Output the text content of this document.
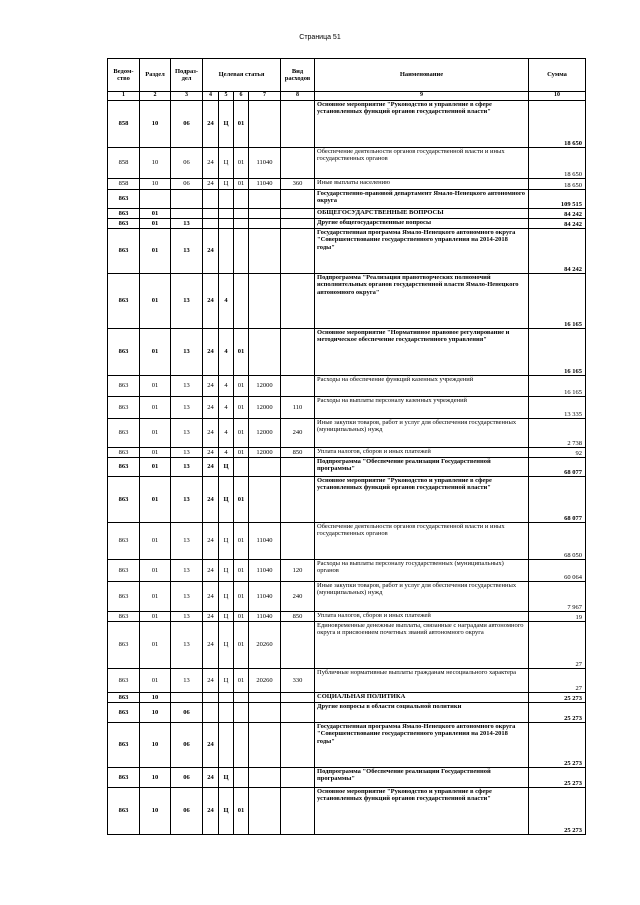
Страница 51
Ведом-
ство	Раздел	Подраз-
дел	Целевая статья				Вид
расходов	Наименование	Сумма
1	2	3	4	5	6	7	8	9	10
858	10	06	24	Ц	01			Основное мероприятие "Руководство и управление в сфере установленных функций органов государственной власти"	18 650
858	10	06	24	Ц	01	11040		Обеспечение деятельности органов государственной власти и иных государственных органов	18 650
858	10	06	24	Ц	01	11040	360	Иные выплаты населению	18 650
863								Государственно-правовой департамент Ямало-Ненецкого автономного округа	109 515
863	01							ОБЩЕГОСУДАРСТВЕННЫЕ ВОПРОСЫ	84 242
863	01	13						Другие общегосударственные вопросы	84 242
863	01	13	24					Государственная программа Ямало-Ненецкого автономного округа "Совершенствование государственного управления на 2014-2018 годы"	84 242
863	01	13	24	4				Подпрограмма "Реализация правотворческих полномочий исполнительных органов государственной власти Ямало-Ненецкого автономного округа"	16 165
863	01	13	24	4	01			Основное мероприятие "Нормативное правовое регулирование и методическое обеспечение государственного управления"	16 165
863	01	13	24	4	01	12000		Расходы на обеспечение функций казенных учреждений	16 165
863	01	13	24	4	01	12000	110	Расходы на выплаты персоналу казенных учреждений	13 335
863	01	13	24	4	01	12000	240	Иные закупки товаров, работ и услуг для обеспечения государственных (муниципальных) нужд	2 738
863	01	13	24	4	01	12000	850	Уплата налогов, сборов и иных платежей	92
863	01	13	24	Ц				Подпрограмма "Обеспечение реализации Государственной программы"	68 077
863	01	13	24	Ц	01			Основное мероприятие "Руководство и управление в сфере установленных функций органов государственной власти"	68 077
863	01	13	24	Ц	01	11040		Обеспечение деятельности органов государственной власти и иных государственных органов	68 050
863	01	13	24	Ц	01	11040	120	Расходы на выплаты персоналу государственных (муниципальных) органов	60 064
863	01	13	24	Ц	01	11040	240	Иные закупки товаров, работ и услуг для обеспечения государственных (муниципальных) нужд	7 967
863	01	13	24	Ц	01	11040	850	Уплата налогов, сборов и иных платежей	19
863	01	13	24	Ц	01	20260		Единовременные денежные выплаты, связанные с наградами автономного округа и присвоением почетных званий автономного округа	27
863	01	13	24	Ц	01	20260	330	Публичные нормативные выплаты гражданам несоциального характера	27
863	10							СОЦИАЛЬНАЯ ПОЛИТИКА	25 273
863	10	06						Другие вопросы в области социальной политики	25 273
863	10	06	24					Государственная программа Ямало-Ненецкого автономного округа "Совершенствование государственного управления на 2014-2018 годы"	25 273
863	10	06	24	Ц				Подпрограмма "Обеспечение реализации Государственной программы"	25 273
863	10	06	24	Ц	01			Основное мероприятие "Руководство и управление в сфере установленных функций органов государственной власти"	25 273
